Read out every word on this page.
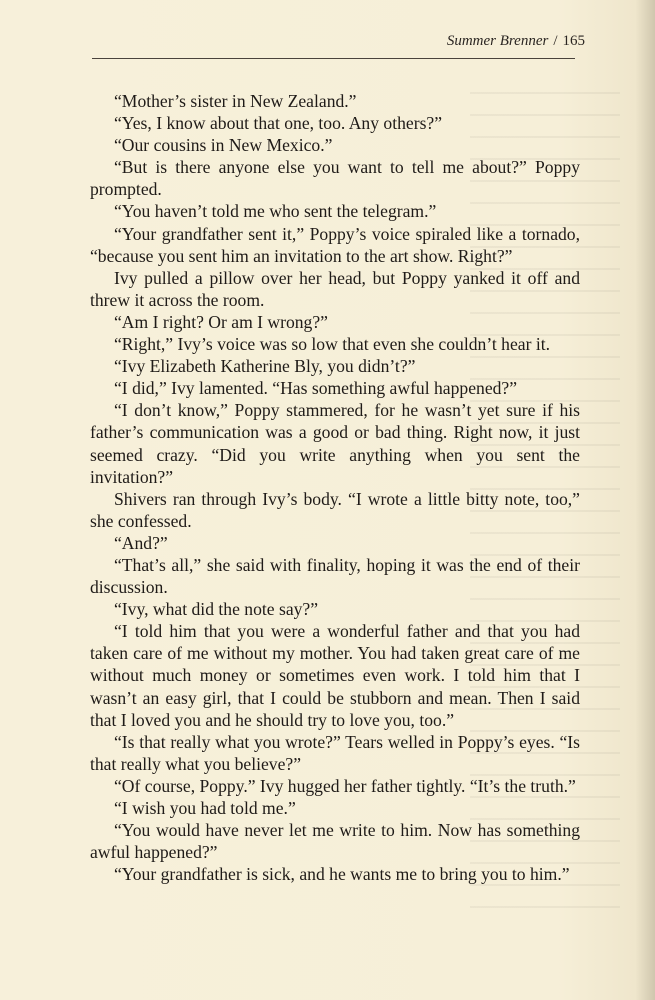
Summer Brenner / 165

“Mother’s sister in New Zealand.”

“Yes, I know about that one, too. Any others?”

“Our cousins in New Mexico.”

“But is there anyone else you want to tell me about?” Poppy prompted.

“You haven’t told me who sent the telegram.”

“Your grandfather sent it,” Poppy’s voice spiraled like a tornado, “because you sent him an invitation to the art show. Right?”

Ivy pulled a pillow over her head, but Poppy yanked it off and threw it across the room.

“Am I right? Or am I wrong?”

“Right,” Ivy’s voice was so low that even she couldn’t hear it.

“Ivy Elizabeth Katherine Bly, you didn’t?”

“I did,” Ivy lamented. “Has something awful happened?”

“I don’t know,” Poppy stammered, for he wasn’t yet sure if his father’s communication was a good or bad thing. Right now, it just seemed crazy. “Did you write anything when you sent the invitation?”

Shivers ran through Ivy’s body. “I wrote a little bitty note, too,” she confessed.

“And?”

“That’s all,” she said with finality, hoping it was the end of their discussion.

“Ivy, what did the note say?”

“I told him that you were a wonderful father and that you had taken care of me without my mother. You had taken great care of me without much money or sometimes even work. I told him that I wasn’t an easy girl, that I could be stubborn and mean. Then I said that I loved you and he should try to love you, too.”

“Is that really what you wrote?” Tears welled in Poppy’s eyes. “Is that really what you believe?”

“Of course, Poppy.” Ivy hugged her father tightly. “It’s the truth.”

“I wish you had told me.”

“You would have never let me write to him. Now has something awful happened?”

“Your grandfather is sick, and he wants me to bring you to him.”
